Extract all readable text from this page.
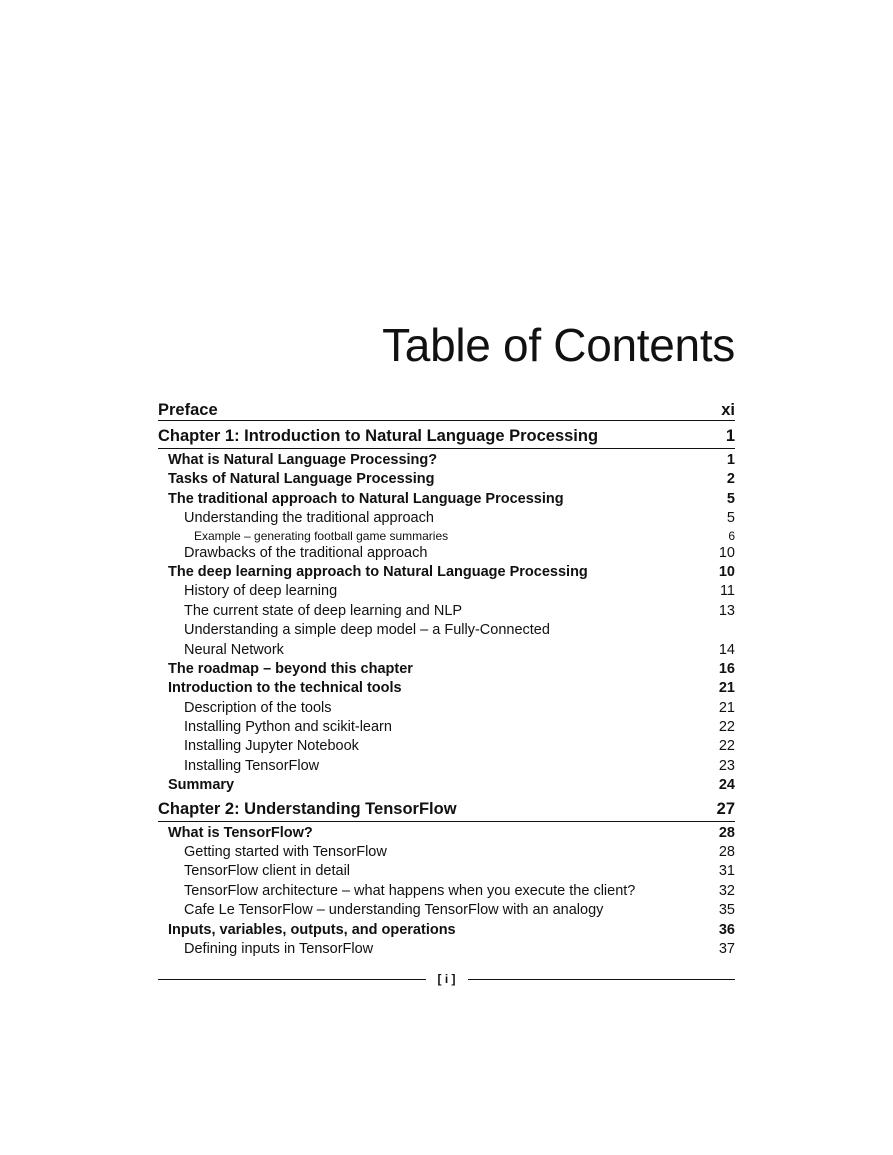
Table of Contents
Preface	xi
Chapter 1: Introduction to Natural Language Processing	1
What is Natural Language Processing?	1
Tasks of Natural Language Processing	2
The traditional approach to Natural Language Processing	5
Understanding the traditional approach	5
Example – generating football game summaries	6
Drawbacks of the traditional approach	10
The deep learning approach to Natural Language Processing	10
History of deep learning	11
The current state of deep learning and NLP	13
Understanding a simple deep model – a Fully-Connected
Neural Network	14
The roadmap – beyond this chapter	16
Introduction to the technical tools	21
Description of the tools	21
Installing Python and scikit-learn	22
Installing Jupyter Notebook	22
Installing TensorFlow	23
Summary	24
Chapter 2: Understanding TensorFlow	27
What is TensorFlow?	28
Getting started with TensorFlow	28
TensorFlow client in detail	31
TensorFlow architecture – what happens when you execute the client?	32
Cafe Le TensorFlow – understanding TensorFlow with an analogy	35
Inputs, variables, outputs, and operations	36
Defining inputs in TensorFlow	37
[ i ]
